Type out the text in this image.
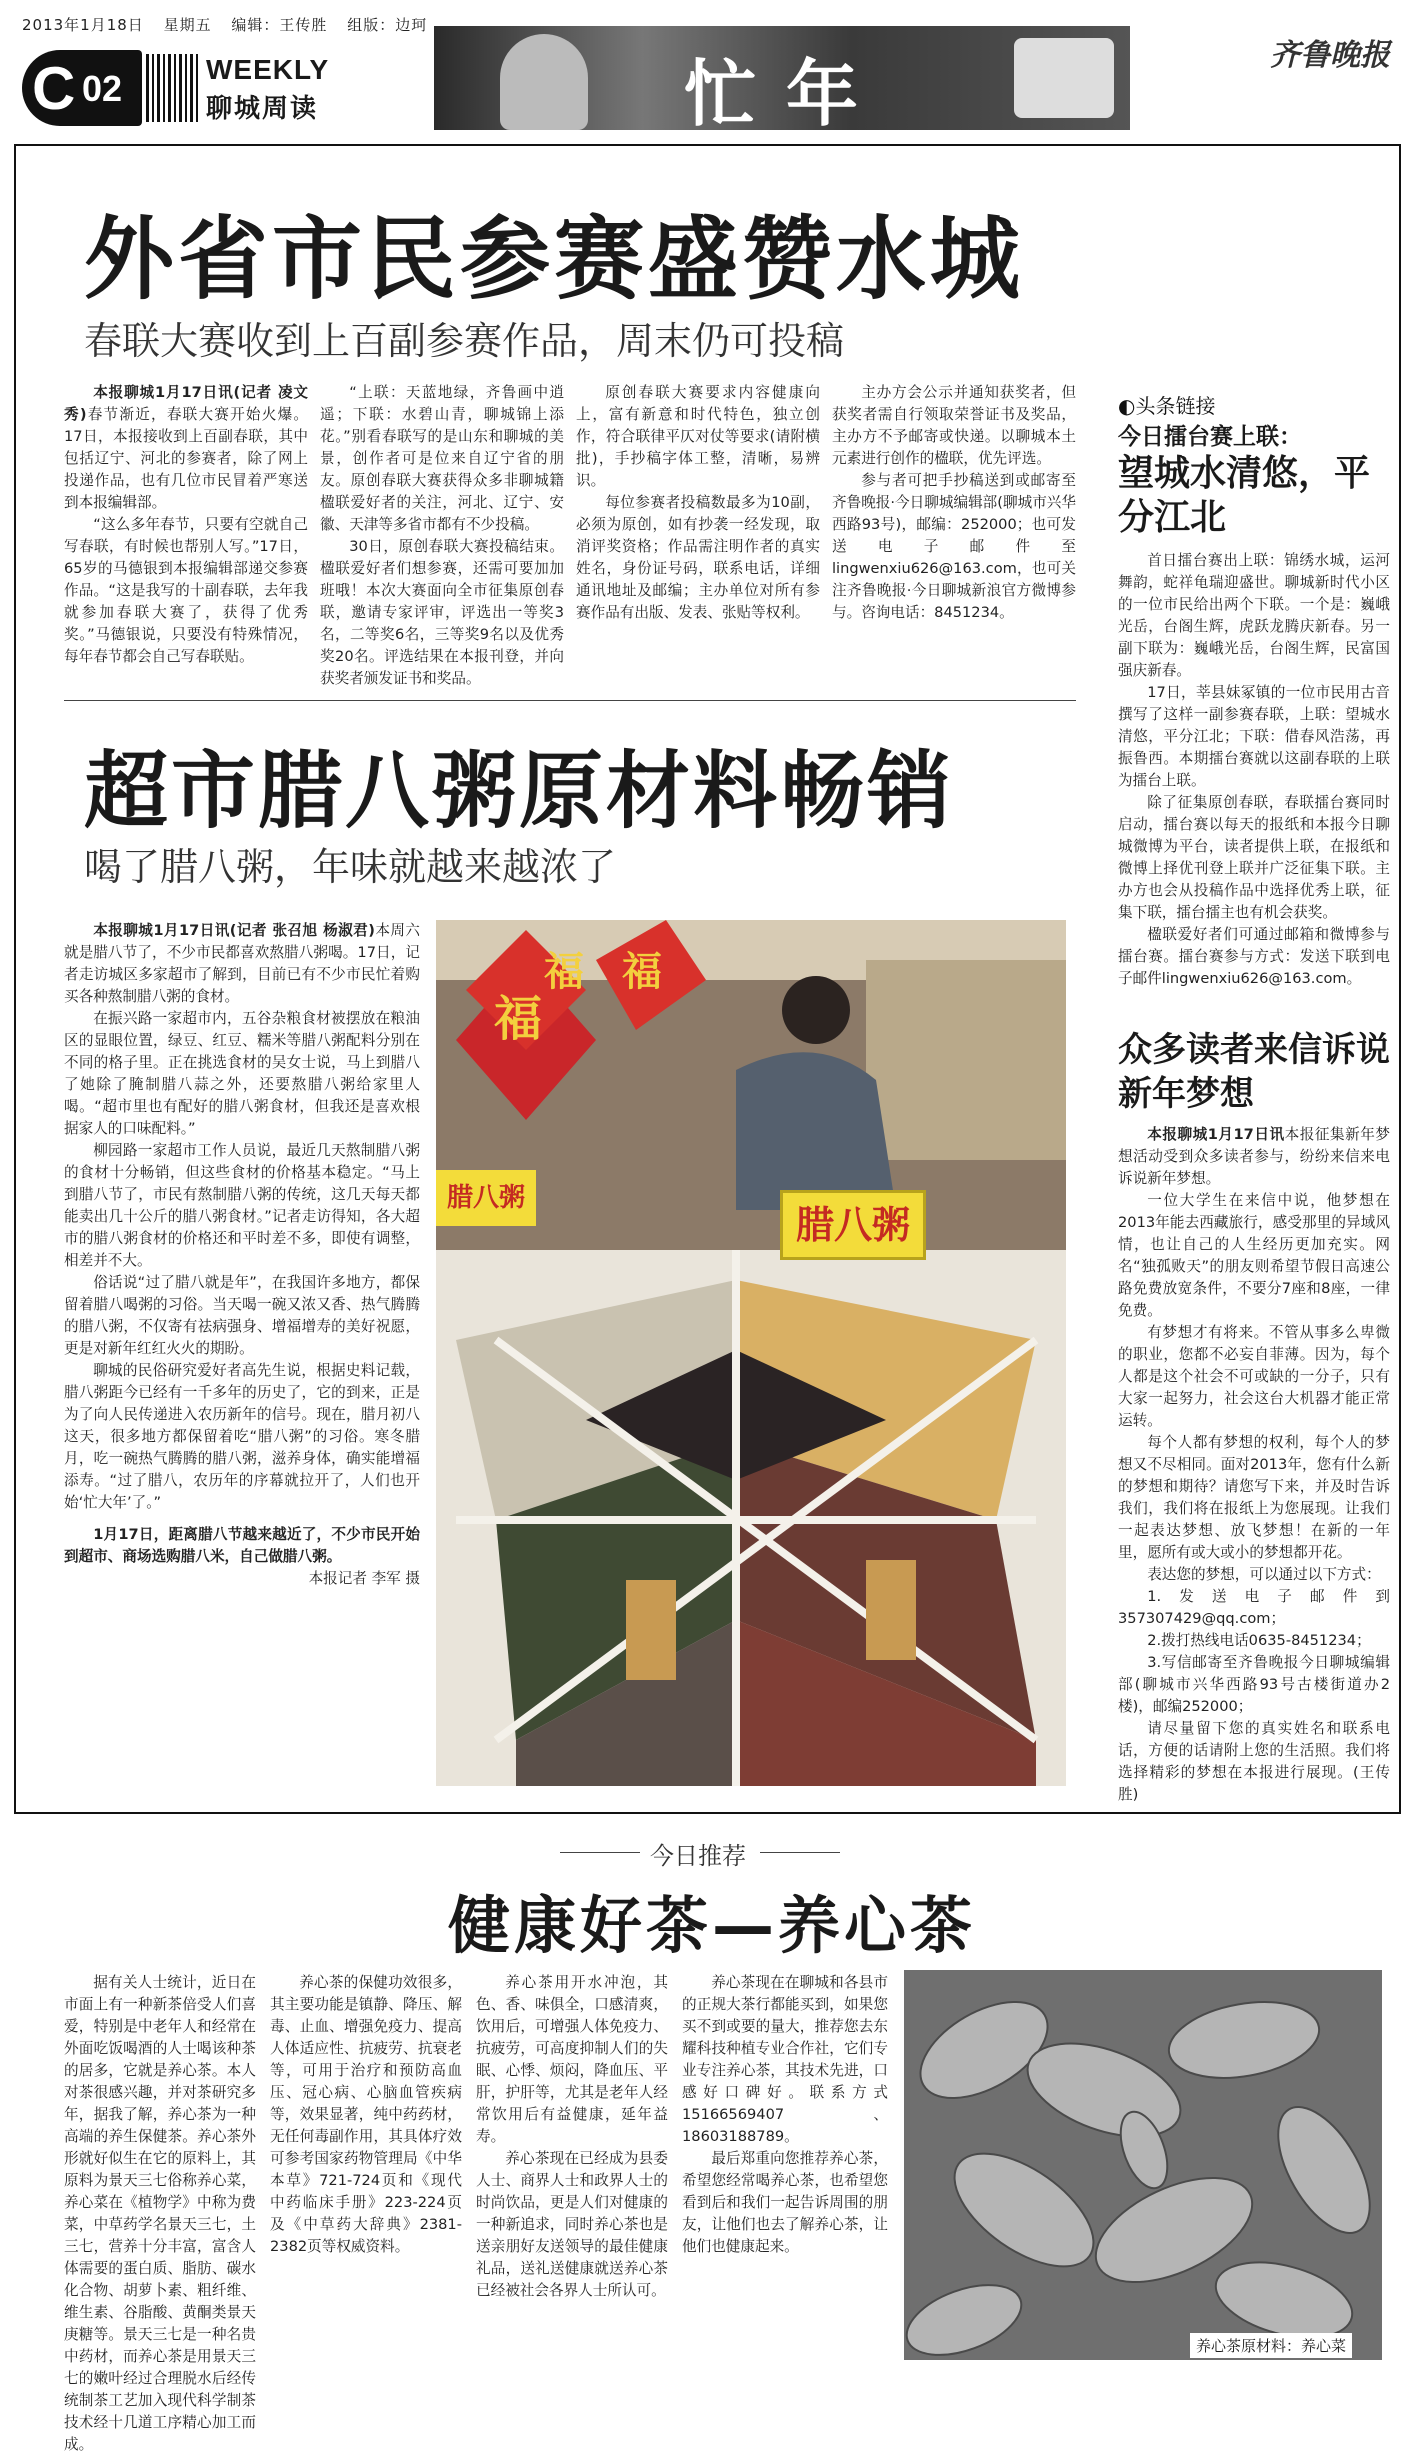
2013年1月18日 星期五 编辑：王传胜 组版：边珂
C 02	WEEKLY
聊城周读	忙年	齐鲁晚报
外省市民参赛盛赞水城
春联大赛收到上百副参赛作品，周末仍可投稿

本报聊城1月17日讯(记者 凌文秀)春节渐近，春联大赛开始火爆。17日，本报接收到上百副春联，其中包括辽宁、河北的参赛者，除了网上投递作品，也有几位市民冒着严寒送到本报编辑部。

“这么多年春节，只要有空就自己写春联，有时候也帮别人写。”17日，65岁的马德银到本报编辑部递交参赛作品。“这是我写的十副春联，去年我就参加春联大赛了，获得了优秀奖。”马德银说，只要没有特殊情况，每年春节都会自己写春联贴。

“上联：天蓝地绿，齐鲁画中逍遥；下联：水碧山青，聊城锦上添花。”别看春联写的是山东和聊城的美景，创作者可是位来自辽宁省的朋友。原创春联大赛获得众多非聊城籍楹联爱好者的关注，河北、辽宁、安徽、天津等多省市都有不少投稿。

30日，原创春联大赛投稿结束。楹联爱好者们想参赛，还需可要加加班哦！本次大赛面向全市征集原创春联，邀请专家评审，评选出一等奖3名，二等奖6名，三等奖9名以及优秀奖20名。评选结果在本报刊登，并向获奖者颁发证书和奖品。

原创春联大赛要求内容健康向上，富有新意和时代特色，独立创作，符合联律平仄对仗等要求(请附横批)，手抄稿字体工整，清晰，易辨识。

每位参赛者投稿数最多为10副，必须为原创，如有抄袭一经发现，取消评奖资格；作品需注明作者的真实姓名，身份证号码，联系电话，详细通讯地址及邮编；主办单位对所有参赛作品有出版、发表、张贴等权利。

主办方会公示并通知获奖者，但获奖者需自行领取荣誉证书及奖品，主办方不予邮寄或快递。以聊城本土元素进行创作的楹联，优先评选。

参与者可把手抄稿送到或邮寄至齐鲁晚报·今日聊城编辑部(聊城市兴华西路93号)，邮编：252000；也可发送电子邮件至lingwenxiu626@163.com，也可关注齐鲁晚报·今日聊城新浪官方微博参与。咨询电话：8451234。

超市腊八粥原材料畅销
喝了腊八粥，年味就越来越浓了

本报聊城1月17日讯(记者 张召旭 杨淑君)本周六就是腊八节了，不少市民都喜欢熬腊八粥喝。17日，记者走访城区多家超市了解到，目前已有不少市民忙着购买各种熬制腊八粥的食材。

在振兴路一家超市内，五谷杂粮食材被摆放在粮油区的显眼位置，绿豆、红豆、糯米等腊八粥配料分别在不同的格子里。正在挑选食材的吴女士说，马上到腊八了她除了腌制腊八蒜之外，还要熬腊八粥给家里人喝。“超市里也有配好的腊八粥食材，但我还是喜欢根据家人的口味配料。”

柳园路一家超市工作人员说，最近几天熬制腊八粥的食材十分畅销，但这些食材的价格基本稳定。“马上到腊八节了，市民有熬制腊八粥的传统，这几天每天都能卖出几十公斤的腊八粥食材。”记者走访得知，各大超市的腊八粥食材的价格还和平时差不多，即使有调整，相差并不大。

俗话说“过了腊八就是年”，在我国许多地方，都保留着腊八喝粥的习俗。当天喝一碗又浓又香、热气腾腾的腊八粥，不仅寄有祛病强身、增福增寿的美好祝愿，更是对新年红红火火的期盼。

聊城的民俗研究爱好者高先生说，根据史料记载，腊八粥距今已经有一千多年的历史了，它的到来，正是为了向人民传递进入农历新年的信号。现在，腊月初八这天，很多地方都保留着吃“腊八粥”的习俗。寒冬腊月，吃一碗热气腾腾的腊八粥，滋养身体，确实能增福添寿。“过了腊八，农历年的序幕就拉开了，人们也开始‘忙大年’了。”

1月17日，距离腊八节越来越近了，不少市民开始到超市、商场选购腊八米，自己做腊八粥。

本报记者 李军 摄

福
福 福
腊八粥
腊八粥
◐头条链接
今日擂台赛上联：
望城水清悠，平分江北

首日擂台赛出上联：锦绣水城，运河舞韵，蛇祥龟瑞迎盛世。聊城新时代小区的一位市民给出两个下联。一个是：巍峨光岳，台阁生辉，虎跃龙腾庆新春。另一副下联为：巍峨光岳，台阁生辉，民富国强庆新春。

17日，莘县妹冢镇的一位市民用古音撰写了这样一副参赛春联，上联：望城水清悠，平分江北；下联：借春风浩荡，再振鲁西。本期擂台赛就以这副春联的上联为擂台上联。

除了征集原创春联，春联擂台赛同时启动，擂台赛以每天的报纸和本报今日聊城微博为平台，读者提供上联，在报纸和微博上择优刊登上联并广泛征集下联。主办方也会从投稿作品中选择优秀上联，征集下联，擂台擂主也有机会获奖。

楹联爱好者们可通过邮箱和微博参与擂台赛。擂台赛参与方式：发送下联到电子邮件lingwenxiu626@163.com。

众多读者来信诉说新年梦想

本报聊城1月17日讯本报征集新年梦想活动受到众多读者参与，纷纷来信来电诉说新年梦想。

一位大学生在来信中说，他梦想在2013年能去西藏旅行，感受那里的异域风情，也让自己的人生经历更加充实。网名“独孤败天”的朋友则希望节假日高速公路免费放宽条件，不要分7座和8座，一律免费。

有梦想才有将来。不管从事多么卑微的职业，您都不必妄自菲薄。因为，每个人都是这个社会不可或缺的一分子，只有大家一起努力，社会这台大机器才能正常运转。

每个人都有梦想的权利，每个人的梦想又不尽相同。面对2013年，您有什么新的梦想和期待？请您写下来，并及时告诉我们，我们将在报纸上为您展现。让我们一起表达梦想、放飞梦想！在新的一年里，愿所有或大或小的梦想都开花。

表达您的梦想，可以通过以下方式：

1.发送电子邮件到357307429@qq.com；

2.拨打热线电话0635-8451234；

3.写信邮寄至齐鲁晚报今日聊城编辑部(聊城市兴华西路93号古楼街道办2楼)，邮编252000；

请尽量留下您的真实姓名和联系电话，方便的话请附上您的生活照。我们将选择精彩的梦想在本报进行展现。(王传胜)

今日推荐
健康好茶—养心茶

据有关人士统计，近日在市面上有一种新茶倍受人们喜爱，特别是中老年人和经常在外面吃饭喝酒的人士喝该种茶的居多，它就是养心茶。本人对茶很感兴趣，并对茶研究多年，据我了解，养心茶为一种高端的养生保健茶。养心茶外形就好似生在它的原料上，其原料为景天三七俗称养心菜，养心菜在《植物学》中称为费菜，中草药学名景天三七，土三七，营养十分丰富，富含人体需要的蛋白质、脂肪、碳水化合物、胡萝卜素、粗纤维、维生素、谷脂酸、黄酮类景天庚糖等。景天三七是一种名贵中药材，而养心茶是用景天三七的嫩叶经过合理脱水后经传统制茶工艺加入现代科学制茶技术经十几道工序精心加工而成。

养心茶的保健功效很多，其主要功能是镇静、降压、解毒、止血、增强免疫力、提高人体适应性、抗疲劳、抗衰老等，可用于治疗和预防高血压、冠心病、心脑血管疾病等，效果显著，纯中药药材，无任何毒副作用，其具体疗效可参考国家药物管理局《中华本草》721-724页和《现代中药临床手册》223-224页及《中草药大辞典》2381-2382页等权威资料。

养心茶用开水冲泡，其色、香、味俱全，口感清爽，饮用后，可增强人体免疫力、抗疲劳，可高度抑制人们的失眠、心悸、烦闷，降血压、平肝，护肝等，尤其是老年人经常饮用后有益健康，延年益寿。

养心茶现在已经成为县委人士、商界人士和政界人士的时尚饮品，更是人们对健康的一种新追求，同时养心茶也是送亲朋好友送领导的最佳健康礼品，送礼送健康就送养心茶已经被社会各界人士所认可。

养心茶现在在聊城和各县市的正规大茶行都能买到，如果您买不到或要的量大，推荐您去东耀科技种植专业合作社，它们专业专注养心茶，其技术先进，口感好口碑好。联系方式15166569407、18603188789。

最后郑重向您推荐养心茶，希望您经常喝养心茶，也希望您看到后和我们一起告诉周围的朋友，让他们也去了解养心茶，让他们也健康起来。

养心茶原材料：养心菜
